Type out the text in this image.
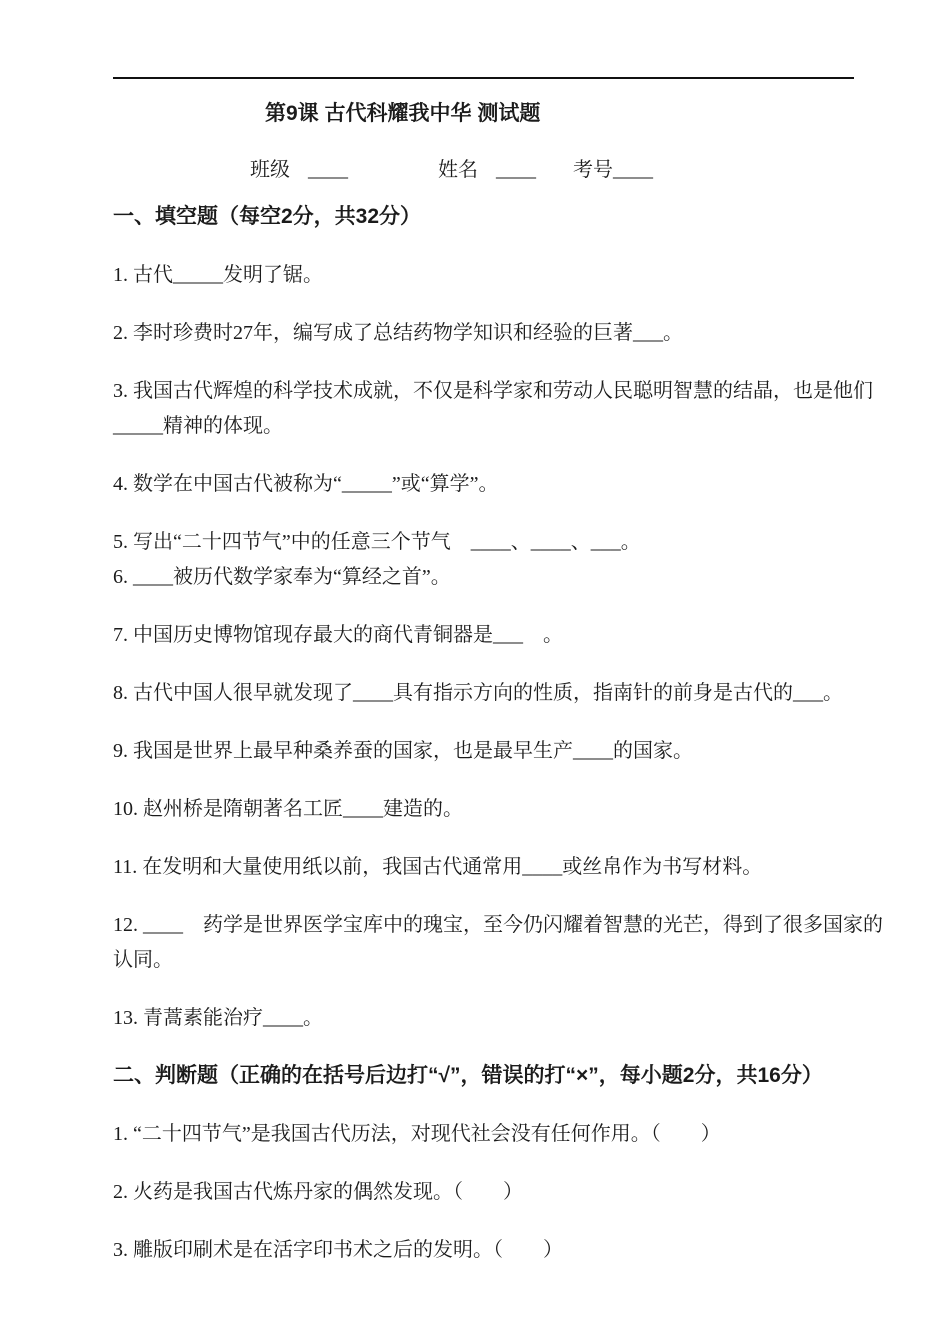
第9课 古代科耀我中华 测试题
班级 ____	姓名 ____ 考号____
一、填空题（每空2分，共32分）

1. 古代_____发明了锯。

2. 李时珍费时27年，编写成了总结药物学知识和经验的巨著___。

3. 我国古代辉煌的科学技术成就，不仅是科学家和劳动人民聪明智慧的结晶，也是他们
_____精神的体现。

4. 数学在中国古代被称为“_____”或“算学”。

5. 写出“二十四节气”中的任意三个节气　____、____、___。

6. ____被历代数学家奉为“算经之首”。

7. 中国历史博物馆现存最大的商代青铜器是___　。

8. 古代中国人很早就发现了____具有指示方向的性质，指南针的前身是古代的___。

9. 我国是世界上最早种桑养蚕的国家，也是最早生产____的国家。

10. 赵州桥是隋朝著名工匠____建造的。

11. 在发明和大量使用纸以前，我国古代通常用____或丝帛作为书写材料。

12. ____　药学是世界医学宝库中的瑰宝，至今仍闪耀着智慧的光芒，得到了很多国家的
认同。

13. 青蒿素能治疗____。

二、判断题（正确的在括号后边打“√”，错误的打“×”，每小题2分，共16分）

1. “二十四节气”是我国古代历法，对现代社会没有任何作用。（　　）

2. 火药是我国古代炼丹家的偶然发现。（　　）

3. 雕版印刷术是在活字印书术之后的发明。（　　）
